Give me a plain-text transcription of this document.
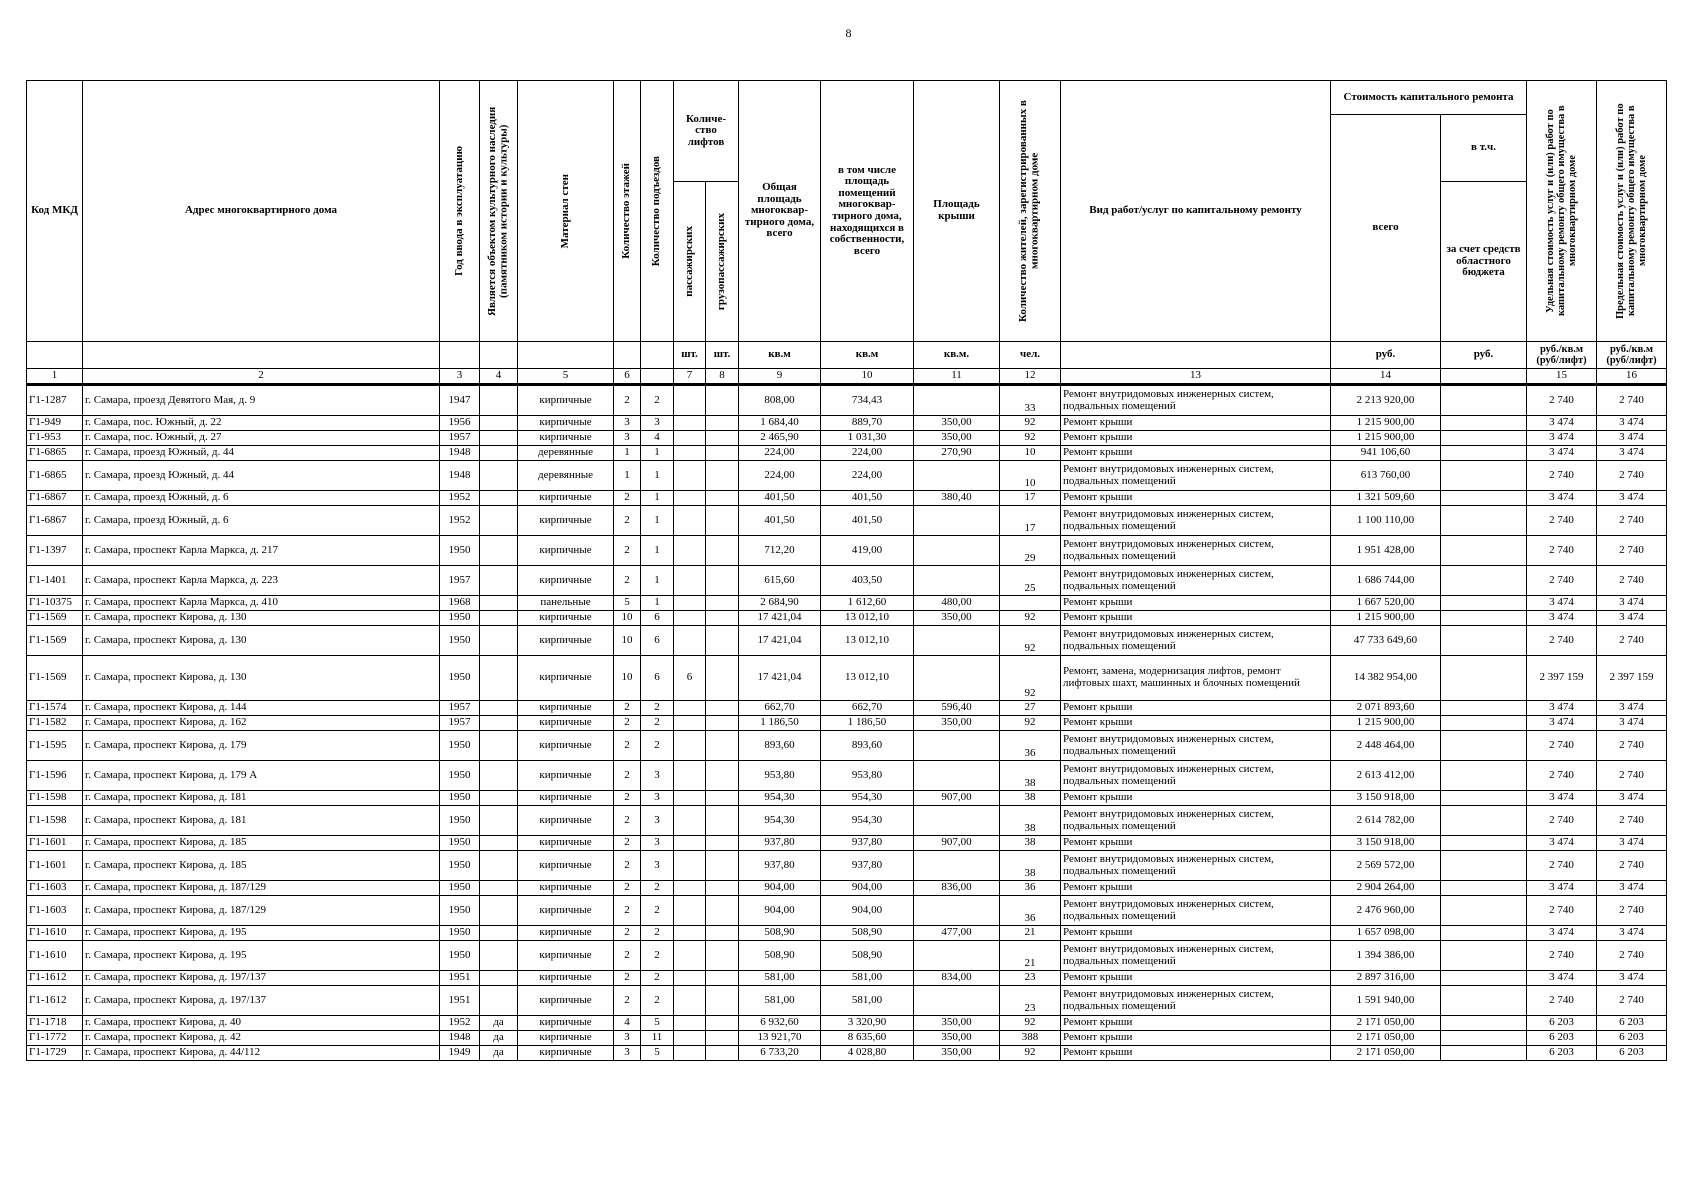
8
Код МКД	Адрес многоквартирного дома	Год ввода в эксплуатацию	Является объектом культурного наследия (памятником истории и культуры)	Материал стен	Количество этажей	Количество подъездов	Количе-ство лифтов		Общая площадь многоквар-тирного дома, всего	в том числе площадь помещений многоквар-тирного дома, находящихся в собственности, всего	Площадь крыши	Количество жителей, зарегистрированных в многоквартирном доме	Вид работ/услуг по капитальному ремонту	Стоимость капитального ремонта		Удельная стоимость услуг и (или) работ по капитальному ремонту общего имущества в многоквартирном доме	Предельная стоимость услуг и (или) работ по капитальному ремонту общего имущества в многоквартирном доме

														всего	в т.ч.		

							пассажирских	грузопассажирских							за счет средств областного бюджета		
							шт.	шт.	кв.м	кв.м	кв.м.	чел.		руб.	руб.	руб./кв.м (руб/лифт)	руб./кв.м (руб/лифт)
1	2	3	4	5	6		7	8	9	10	11	12	13	14		15	16
Г1-1287	г. Самара, проезд Девятого Мая, д. 9	1947		кирпичные	2	2			808,00	734,43		33	Ремонт внутридомовых инженерных систем, подвальных помещений	2 213 920,00		2 740	2 740
Г1-949	г. Самара, пос. Южный, д. 22	1956		кирпичные	3	3			1 684,40	889,70	350,00	92	Ремонт крыши	1 215 900,00		3 474	3 474
Г1-953	г. Самара, пос. Южный, д. 27	1957		кирпичные	3	4			2 465,90	1 031,30	350,00	92	Ремонт крыши	1 215 900,00		3 474	3 474
Г1-6865	г. Самара, проезд Южный, д. 44	1948		деревянные	1	1			224,00	224,00	270,90	10	Ремонт крыши	941 106,60		3 474	3 474
Г1-6865	г. Самара, проезд Южный, д. 44	1948		деревянные	1	1			224,00	224,00		10	Ремонт внутридомовых инженерных систем, подвальных помещений	613 760,00		2 740	2 740
Г1-6867	г. Самара, проезд Южный, д. 6	1952		кирпичные	2	1			401,50	401,50	380,40	17	Ремонт крыши	1 321 509,60		3 474	3 474
Г1-6867	г. Самара, проезд Южный, д. 6	1952		кирпичные	2	1			401,50	401,50		17	Ремонт внутридомовых инженерных систем, подвальных помещений	1 100 110,00		2 740	2 740
Г1-1397	г. Самара, проспект Карла Маркса, д. 217	1950		кирпичные	2	1			712,20	419,00		29	Ремонт внутридомовых инженерных систем, подвальных помещений	1 951 428,00		2 740	2 740
Г1-1401	г. Самара, проспект Карла Маркса, д. 223	1957		кирпичные	2	1			615,60	403,50		25	Ремонт внутридомовых инженерных систем, подвальных помещений	1 686 744,00		2 740	2 740
Г1-10375	г. Самара, проспект Карла Маркса, д. 410	1968		панельные	5	1			2 684,90	1 612,60	480,00		Ремонт крыши	1 667 520,00		3 474	3 474
Г1-1569	г. Самара, проспект Кирова, д. 130	1950		кирпичные	10	6			17 421,04	13 012,10	350,00	92	Ремонт крыши	1 215 900,00		3 474	3 474
Г1-1569	г. Самара, проспект Кирова, д. 130	1950		кирпичные	10	6			17 421,04	13 012,10		92	Ремонт внутридомовых инженерных систем, подвальных помещений	47 733 649,60		2 740	2 740
Г1-1569	г. Самара, проспект Кирова, д. 130	1950		кирпичные	10	6	6		17 421,04	13 012,10		92	Ремонт, замена, модернизация лифтов, ремонт лифтовых шахт, машинных и блочных помещений	14 382 954,00		2 397 159	2 397 159
Г1-1574	г. Самара, проспект Кирова, д. 144	1957		кирпичные	2	2			662,70	662,70	596,40	27	Ремонт крыши	2 071 893,60		3 474	3 474
Г1-1582	г. Самара, проспект Кирова, д. 162	1957		кирпичные	2	2			1 186,50	1 186,50	350,00	92	Ремонт крыши	1 215 900,00		3 474	3 474
Г1-1595	г. Самара, проспект Кирова, д. 179	1950		кирпичные	2	2			893,60	893,60		36	Ремонт внутридомовых инженерных систем, подвальных помещений	2 448 464,00		2 740	2 740
Г1-1596	г. Самара, проспект Кирова, д. 179 А	1950		кирпичные	2	3			953,80	953,80		38	Ремонт внутридомовых инженерных систем, подвальных помещений	2 613 412,00		2 740	2 740
Г1-1598	г. Самара, проспект Кирова, д. 181	1950		кирпичные	2	3			954,30	954,30	907,00	38	Ремонт крыши	3 150 918,00		3 474	3 474
Г1-1598	г. Самара, проспект Кирова, д. 181	1950		кирпичные	2	3			954,30	954,30		38	Ремонт внутридомовых инженерных систем, подвальных помещений	2 614 782,00		2 740	2 740
Г1-1601	г. Самара, проспект Кирова, д. 185	1950		кирпичные	2	3			937,80	937,80	907,00	38	Ремонт крыши	3 150 918,00		3 474	3 474
Г1-1601	г. Самара, проспект Кирова, д. 185	1950		кирпичные	2	3			937,80	937,80		38	Ремонт внутридомовых инженерных систем, подвальных помещений	2 569 572,00		2 740	2 740
Г1-1603	г. Самара, проспект Кирова, д. 187/129	1950		кирпичные	2	2			904,00	904,00	836,00	36	Ремонт крыши	2 904 264,00		3 474	3 474
Г1-1603	г. Самара, проспект Кирова, д. 187/129	1950		кирпичные	2	2			904,00	904,00		36	Ремонт внутридомовых инженерных систем, подвальных помещений	2 476 960,00		2 740	2 740
Г1-1610	г. Самара, проспект Кирова, д. 195	1950		кирпичные	2	2			508,90	508,90	477,00	21	Ремонт крыши	1 657 098,00		3 474	3 474
Г1-1610	г. Самара, проспект Кирова, д. 195	1950		кирпичные	2	2			508,90	508,90		21	Ремонт внутридомовых инженерных систем, подвальных помещений	1 394 386,00		2 740	2 740
Г1-1612	г. Самара, проспект Кирова, д. 197/137	1951		кирпичные	2	2			581,00	581,00	834,00	23	Ремонт крыши	2 897 316,00		3 474	3 474
Г1-1612	г. Самара, проспект Кирова, д. 197/137	1951		кирпичные	2	2			581,00	581,00		23	Ремонт внутридомовых инженерных систем, подвальных помещений	1 591 940,00		2 740	2 740
Г1-1718	г. Самара, проспект Кирова, д. 40	1952	да	кирпичные	4	5			6 932,60	3 320,90	350,00	92	Ремонт крыши	2 171 050,00		6 203	6 203
Г1-1772	г. Самара, проспект Кирова, д. 42	1948	да	кирпичные	3	11			13 921,70	8 635,60	350,00	388	Ремонт крыши	2 171 050,00		6 203	6 203
Г1-1729	г. Самара, проспект Кирова, д. 44/112	1949	да	кирпичные	3	5			6 733,20	4 028,80	350,00	92	Ремонт крыши	2 171 050,00		6 203	6 203
